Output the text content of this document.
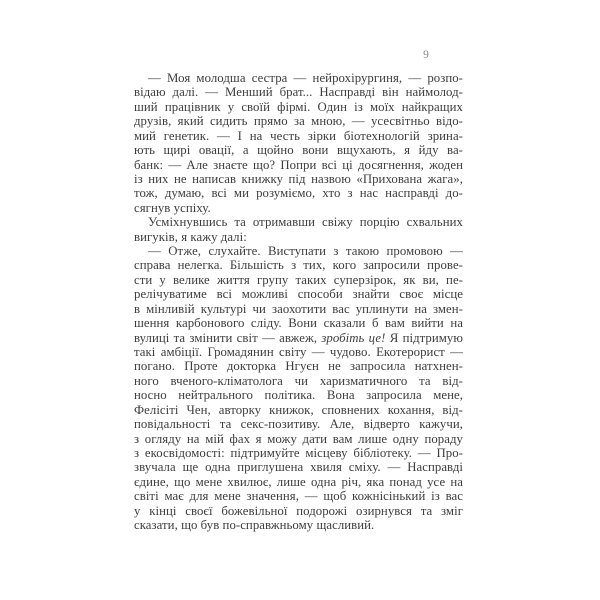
9
— Моя молодша сестра — нейрохірургиня, — розпо-
відаю далі. — Менший брат... Насправді він наймолод-
ший працівник у своїй фірмі. Один із моїх найкращих
друзів, який сидить прямо за мною, — усесвітньо відо-
мий генетик. — І на честь зірки біотехнологій зрина-
ють щирі овації, а щойно вони вщухають, я йду ва-
банк: — Але знаєте що? Попри всі ці досягнення, жоден
із них не написав книжку під назвою «Прихована жага»,
тож, думаю, всі ми розуміємо, хто з нас насправді до-
сягнув успіху.
Усміхнувшись та отримавши свіжу порцію схвальних
вигуків, я кажу далі:
— Отже, слухайте. Виступати з такою промовою —
справа нелегка. Більшість з тих, кого запросили прове-
сти у велике життя групу таких суперзірок, як ви, пе-
релічуватиме всі можливі способи знайти своє місце
в мінливій культурі чи заохотити вас уплинути на змен-
шення карбонового сліду. Вони сказали б вам вийти на
вулиці та змінити світ — авжеж, зробіть це! Я підтримую
такі амбіції. Громадянин світу — чудово. Екотерорист —
погано. Проте докторка Нгуєн не запросила натхнен-
ного вченого-кліматолога чи харизматичного та від-
носно нейтрального політика. Вона запросила мене,
Фелісіті Чен, авторку книжок, сповнених кохання, від-
повідальності та секс-позитиву. Але, відверто кажучи,
з огляду на мій фах я можу дати вам лише одну пораду
з екосвідомості: підтримуйте місцеву бібліотеку. — Про-
звучала ще одна приглушена хвиля сміху. — Насправді
єдине, що мене хвилює, лише одна річ, яка понад усе на
світі має для мене значення, — щоб кожнісінький із вас
у кінці своєї божевільної подорожі озирнувся та зміг
сказати, що був по-справжньому щасливий.
